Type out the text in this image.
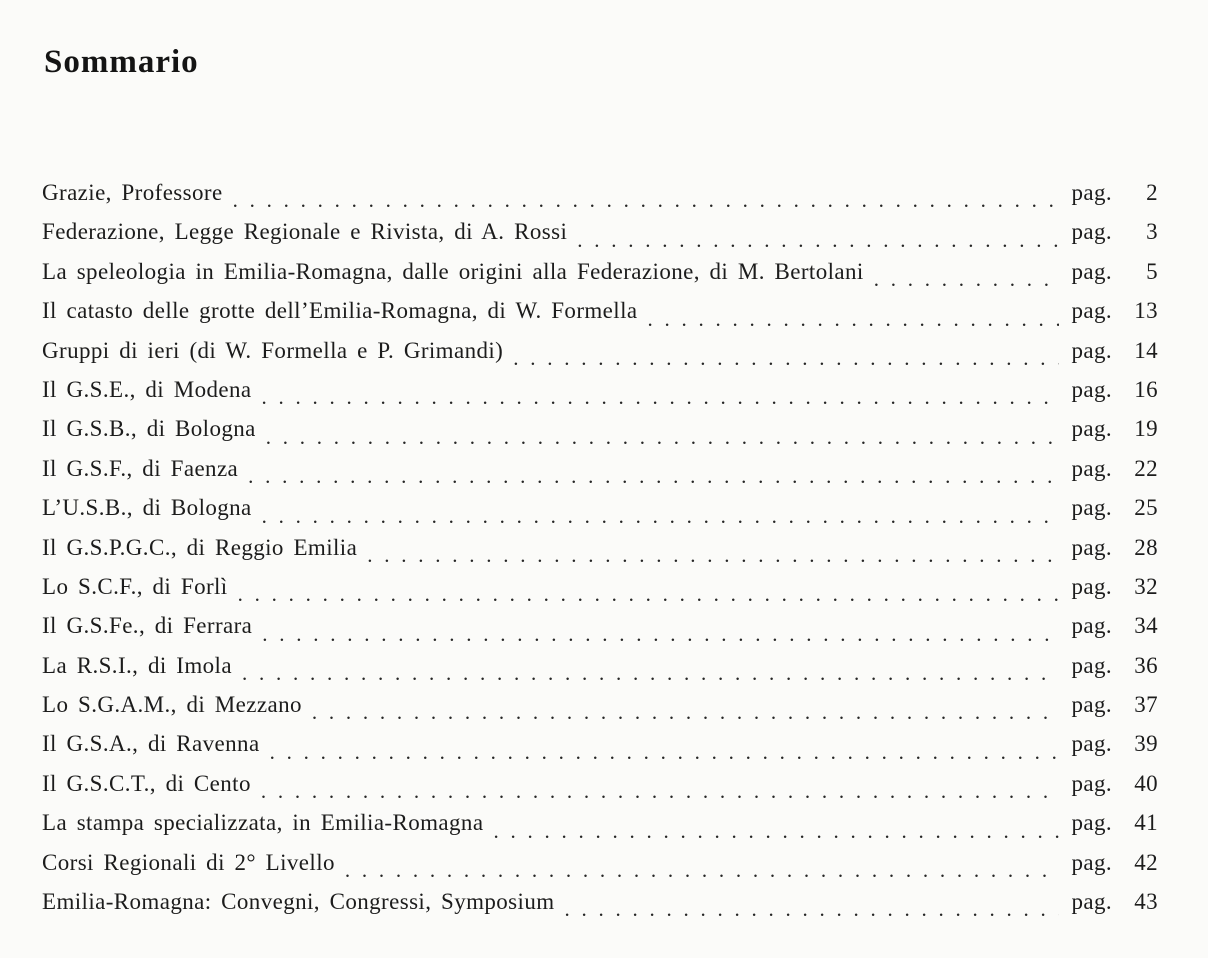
Sommario
Grazie, Professore . . .	pag.	2
Federazione, Legge Regionale e Rivista, di A. Rossi . . .	pag.	3
La speleologia in Emilia-Romagna, dalle origini alla Federazione, di M. Bertolani . . .	pag.	5
Il catasto delle grotte dell’Emilia-Romagna, di W. Formella . . .	pag. 13
Gruppi di ieri (di W. Formella e P. Grimandi) . . .	pag. 14
Il G.S.E., di Modena . . .	pag. 16
Il G.S.B., di Bologna . . .	pag. 19
Il G.S.F., di Faenza . . .	pag. 22
L’U.S.B., di Bologna . . .	pag. 25
Il G.S.P.G.C., di Reggio Emilia . . .	pag. 28
Lo S.C.F., di Forlì . . .	pag. 32
Il G.S.Fe., di Ferrara . . .	pag. 34
La R.S.I., di Imola . . .	pag. 36
Lo S.G.A.M., di Mezzano . . .	pag. 37
Il G.S.A., di Ravenna . . .	pag. 39
Il G.S.C.T., di Cento . . .	pag. 40
La stampa specializzata, in Emilia-Romagna . . .	pag. 41
Corsi Regionali di 2° Livello . . .	pag. 42
Emilia-Romagna: Convegni, Congressi, Symposium . . .	pag. 43
